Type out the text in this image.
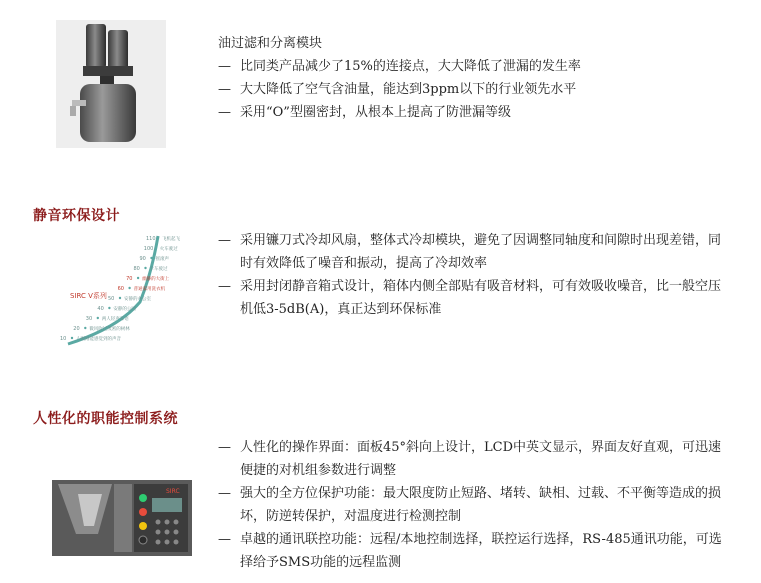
油过滤和分离模块
— 比同类产品减少了15%的连接点，大大降低了泄漏的发生率
— 大大降低了空气含油量，能达到3ppm以下的行业领先水平
— 采用“O”型圈密封，从根本上提高了防泄漏等级
静音环保设计
110 飞机起飞
100 火车驶过
90 摇滚声
80 卡车驶过
70 幽静的大街上
60 普通家用洗衣机
50 安静的办公室
40 安静的公园
30 两人轻声耳语
20 微风吹过茂密的树林
10 人刚刚能感觉到的声音
SIRC V系列
— 采用镰刀式冷却风扇，整体式冷却模块，避免了因调整同轴度和间隙时出现差错，同时有效降低了噪音和振动，提高了冷却效率
— 采用封闭静音箱式设计，箱体内侧全部贴有吸音材料，可有效吸收噪音，比一般空压机低3-5dB(A)，真正达到环保标准
人性化的职能控制系统
SIRC
— 人性化的操作界面：面板45°斜向上设计，LCD中英文显示，界面友好直观，可迅速便捷的对机组参数进行调整
— 强大的全方位保护功能：最大限度防止短路、堵转、缺相、过载、不平衡等造成的损坏，防逆转保护，对温度进行检测控制
— 卓越的通讯联控功能：远程/本地控制选择，联控运行选择，RS-485通讯功能，可选择给予SMS功能的远程监测
